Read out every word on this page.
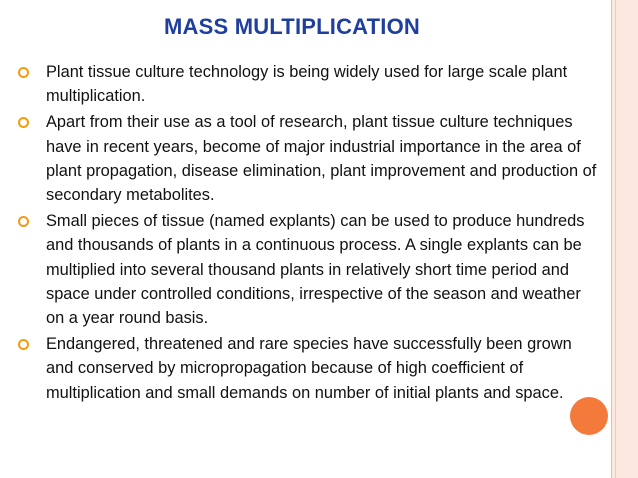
MASS MULTIPLICATION
Plant tissue culture technology is being widely used for large scale plant multiplication.
Apart from their use as a tool of research, plant tissue culture techniques have in recent years, become of major industrial importance in the area of plant propagation, disease elimination, plant improvement and production of secondary metabolites.
Small pieces of tissue (named explants) can be used to produce hundreds and thousands of plants in a continuous process. A single explants can be multiplied into several thousand plants in relatively short time period and space under controlled conditions, irrespective of the season and weather on a year round basis.
Endangered, threatened and rare species have successfully been grown and conserved by micropropagation because of high coefficient of multiplication and small demands on number of initial plants and space.
